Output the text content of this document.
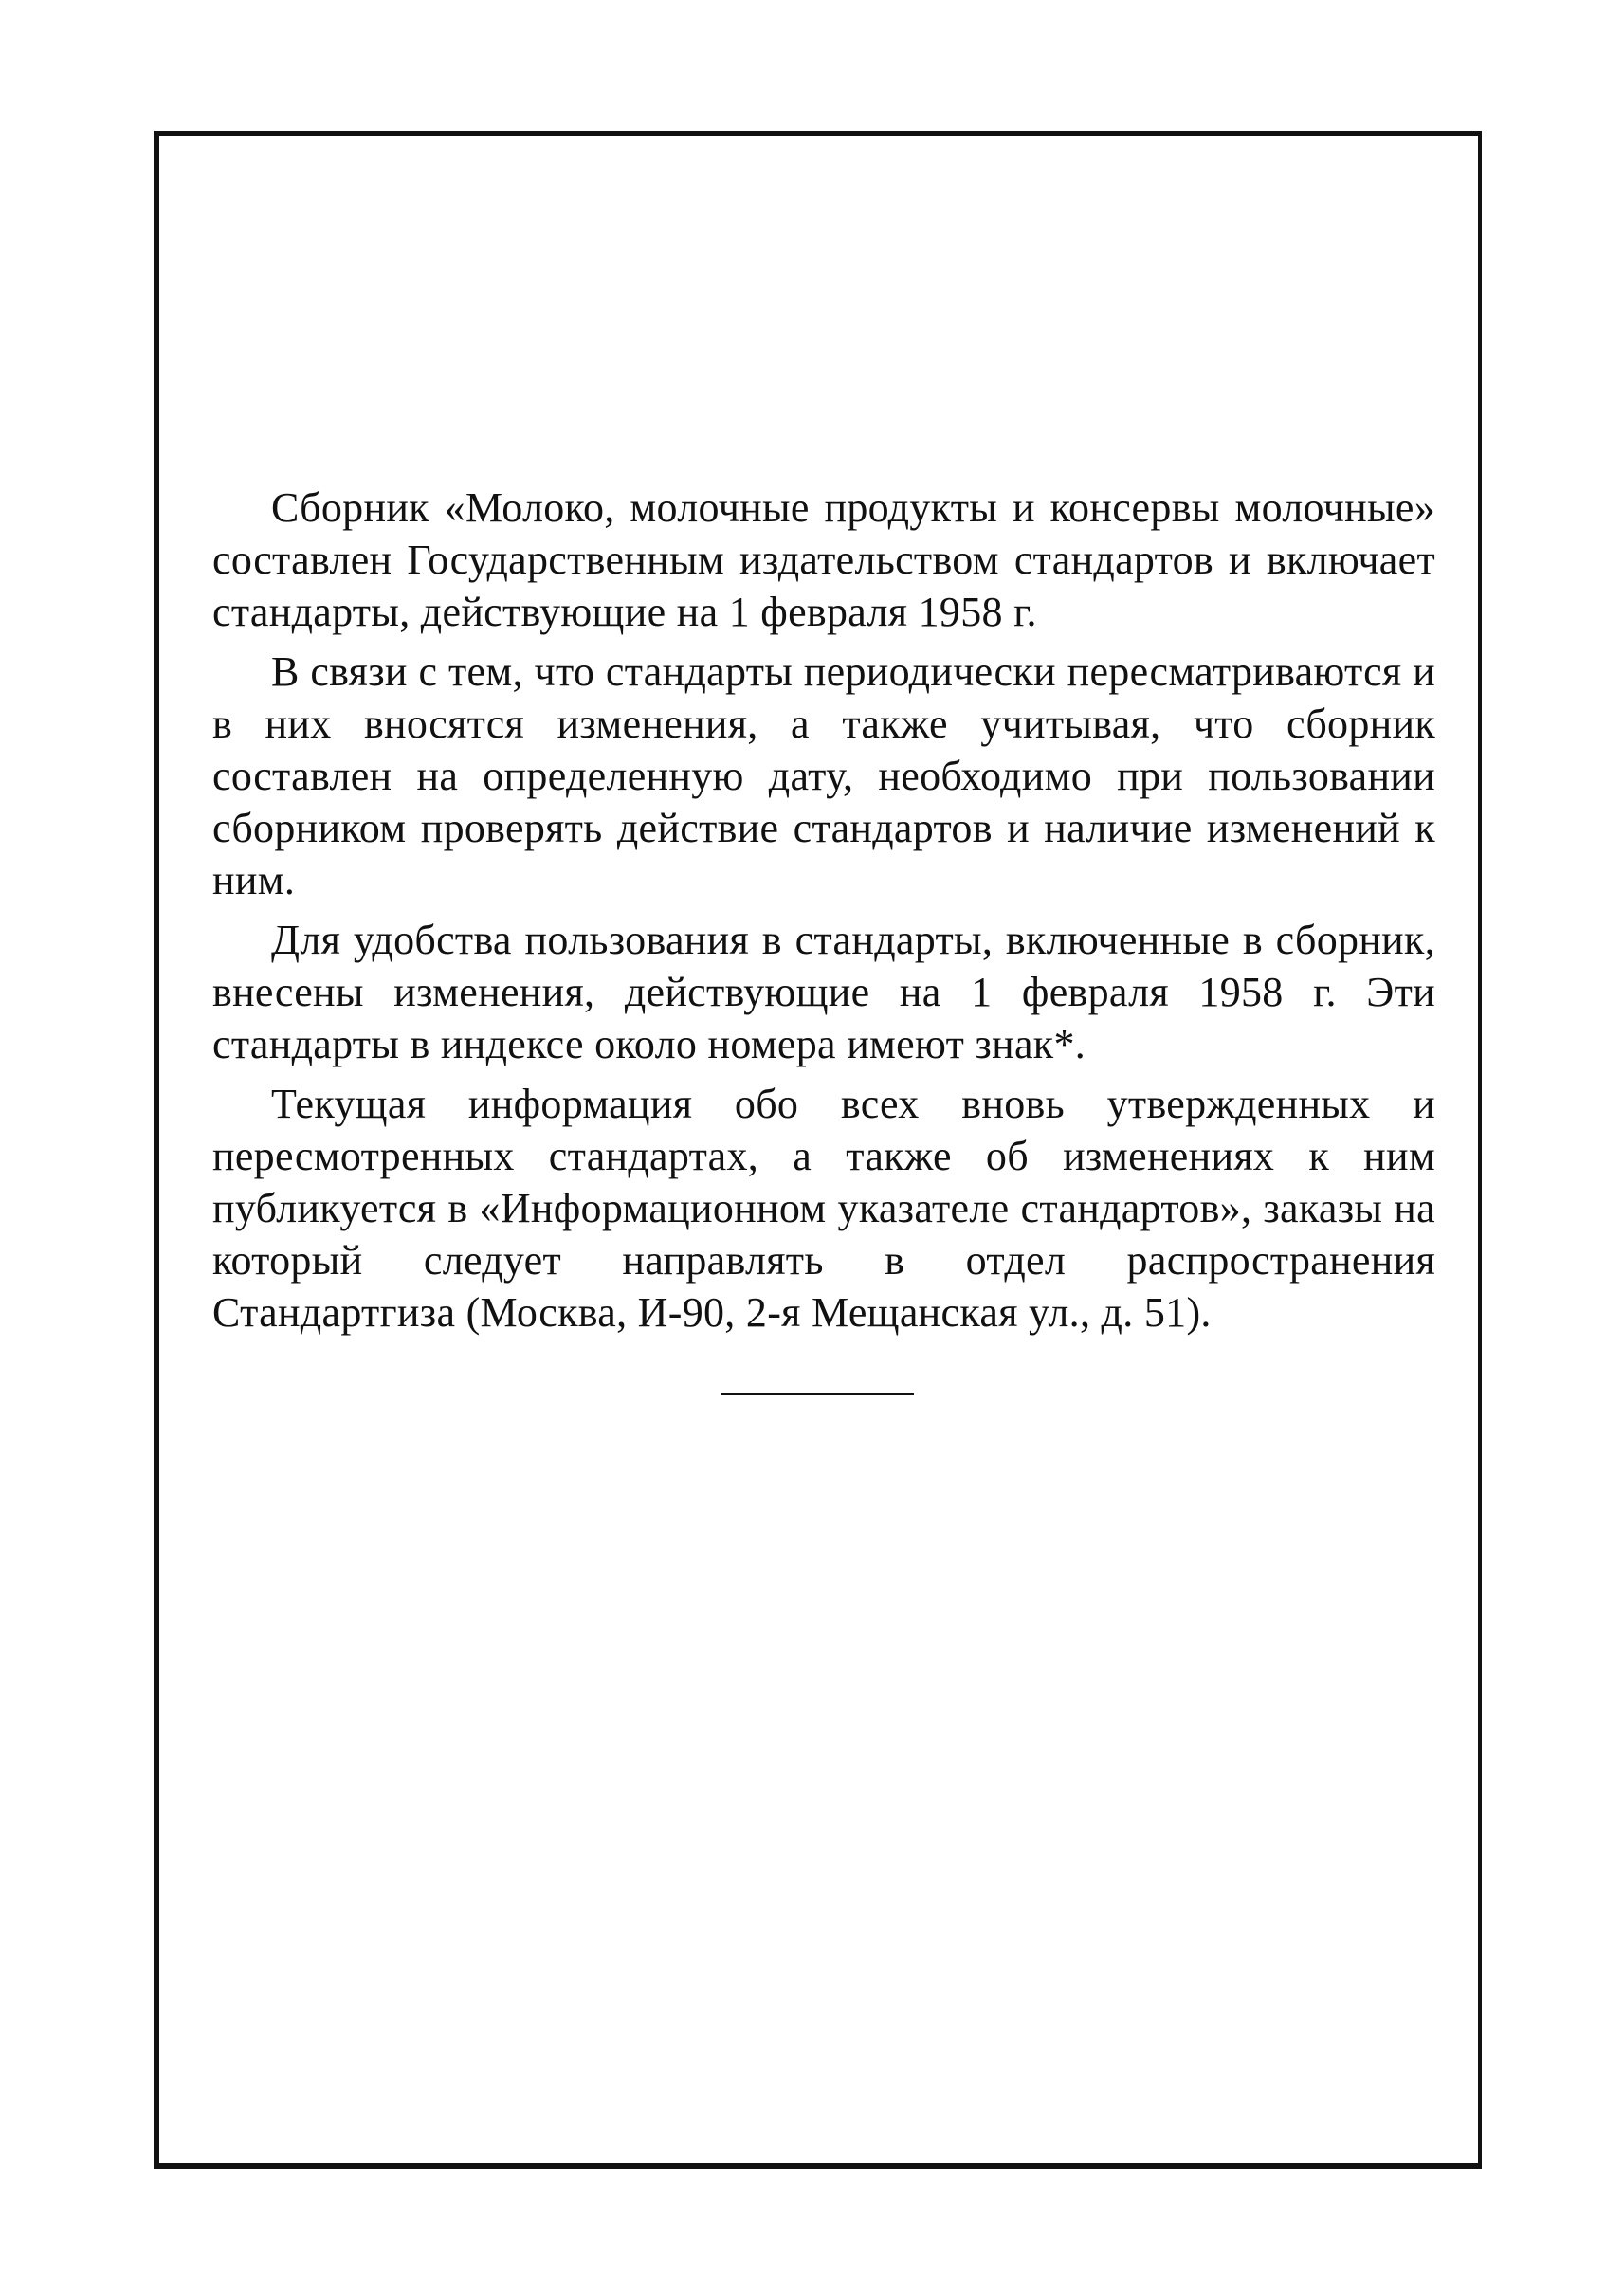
Сборник «Молоко, молочные продукты и консервы молочные» составлен Государственным издательством стандартов и включает стандарты, действующие на 1 февраля 1958 г.

В связи с тем, что стандарты периодически пересматриваются и в них вносятся изменения, а также учитывая, что сборник составлен на определенную дату, необходимо при пользовании сборником проверять действие стандартов и наличие изменений к ним.

Для удобства пользования в стандарты, включенные в сборник, внесены изменения, действующие на 1 февраля 1958 г. Эти стандарты в индексе около номера имеют знак*.

Текущая информация обо всех вновь утвержденных и пересмотренных стандартах, а также об изменениях к ним публикуется в «Информационном указателе стандартов», заказы на который следует направлять в отдел распространения Стандартгиза (Москва, И-90, 2-я Мещанская ул., д. 51).
